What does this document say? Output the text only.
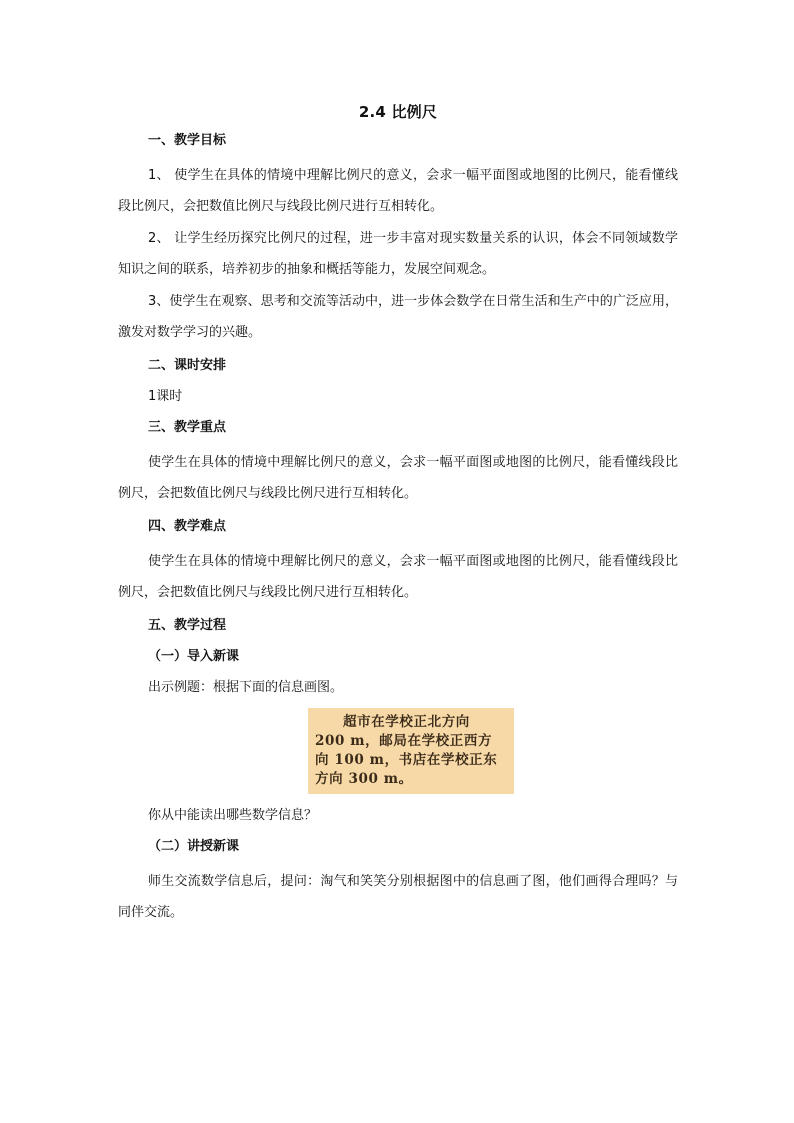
2.4 比例尺
一、教学目标
1、 使学生在具体的情境中理解比例尺的意义，会求一幅平面图或地图的比例尺，能看懂线段比例尺，会把数值比例尺与线段比例尺进行互相转化。
2、 让学生经历探究比例尺的过程，进一步丰富对现实数量关系的认识，体会不同领域数学知识之间的联系，培养初步的抽象和概括等能力，发展空间观念。
3、使学生在观察、思考和交流等活动中，进一步体会数学在日常生活和生产中的广泛应用，激发对数学学习的兴趣。
二、课时安排
1课时
三、教学重点
使学生在具体的情境中理解比例尺的意义，会求一幅平面图或地图的比例尺，能看懂线段比例尺，会把数值比例尺与线段比例尺进行互相转化。
四、教学难点
使学生在具体的情境中理解比例尺的意义，会求一幅平面图或地图的比例尺，能看懂线段比例尺，会把数值比例尺与线段比例尺进行互相转化。
五、教学过程
（一）导入新课
出示例题：根据下面的信息画图。
超市在学校正北方向
200 m，邮局在学校正西方
向 100 m，书店在学校正东
方向 300 m。
你从中能读出哪些数学信息？
（二）讲授新课
师生交流数学信息后，提问：淘气和笑笑分别根据图中的信息画了图，他们画得合理吗？与同伴交流。
